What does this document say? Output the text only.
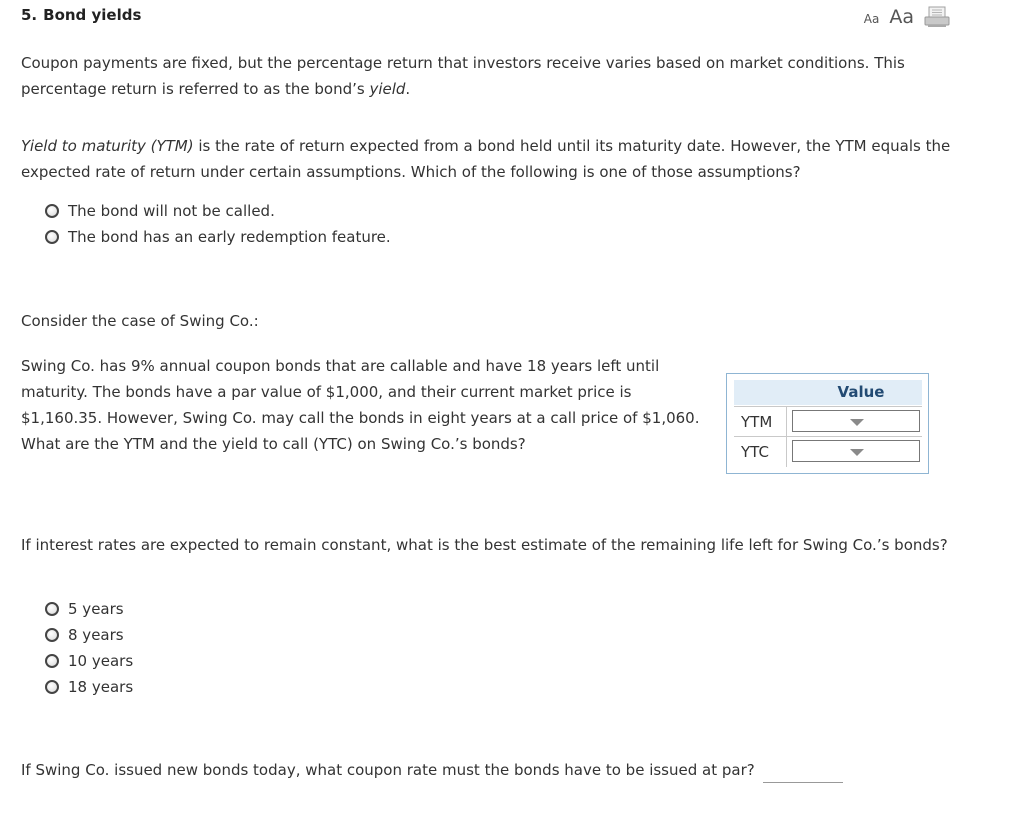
5. Bond yields	Aa Aa

Coupon payments are fixed, but the percentage return that investors receive varies based on market conditions. This percentage return is referred to as the bond’s yield.

Yield to maturity (YTM) is the rate of return expected from a bond held until its maturity date. However, the YTM equals the expected rate of return under certain assumptions. Which of the following is one of those assumptions?

The bond will not be called.
The bond has an early redemption feature.

Consider the case of Swing Co.:

Swing Co. has 9% annual coupon bonds that are callable and have 18 years left until maturity. The bonds have a par value of $1,000, and their current market price is $1,160.35. However, Swing Co. may call the bonds in eight years at a call price of $1,060. What are the YTM and the yield to call (YTC) on Swing Co.’s bonds?

Value
YTM
YTC

If interest rates are expected to remain constant, what is the best estimate of the remaining life left for Swing Co.’s bonds?

5 years
8 years
10 years
18 years

If Swing Co. issued new bonds today, what coupon rate must the bonds have to be issued at par?
